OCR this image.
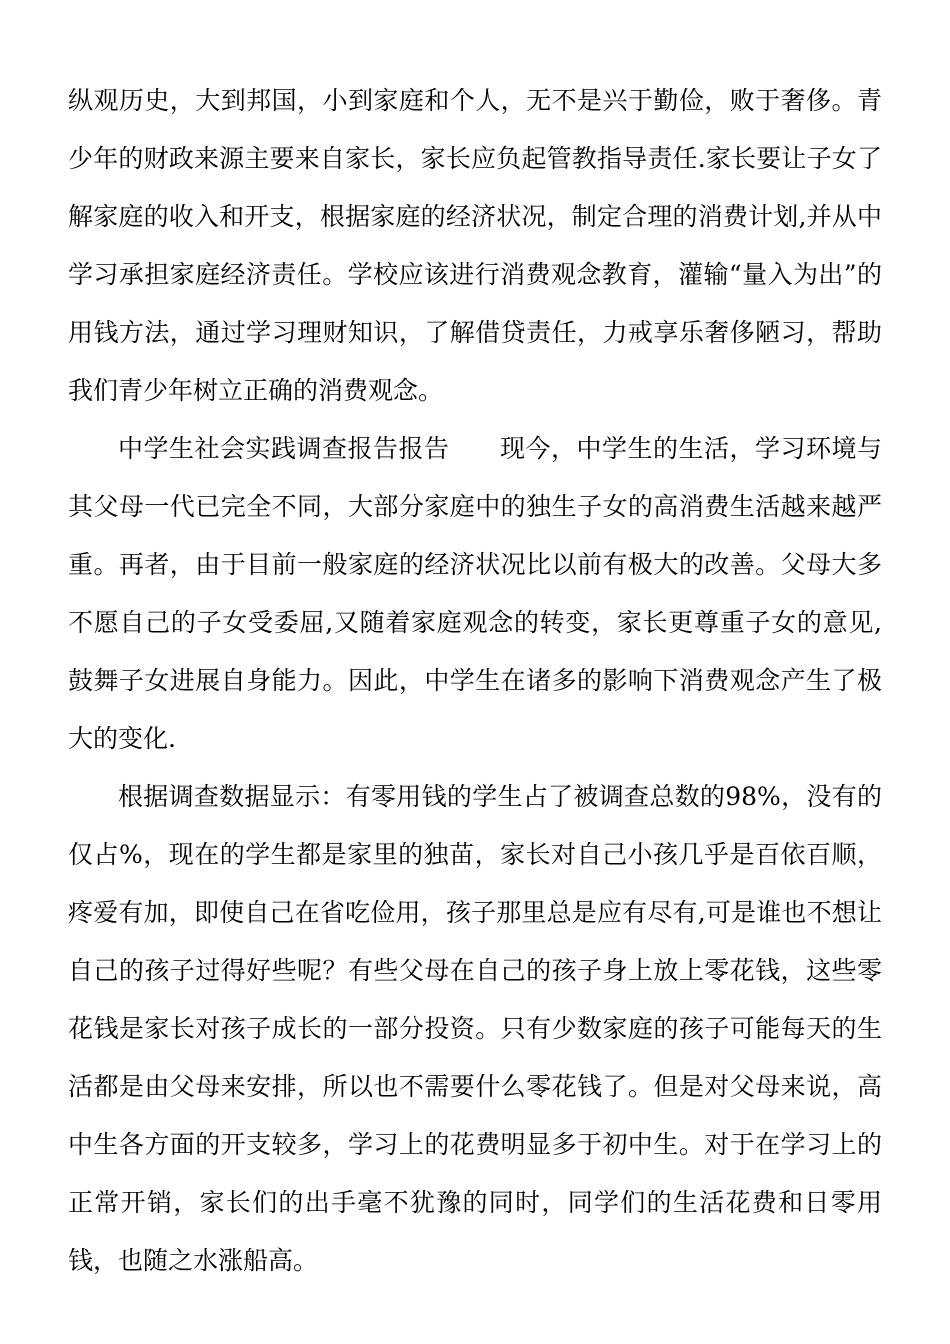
纵观历史，大到邦国，小到家庭和个人，无不是兴于勤俭，败于奢侈。青少年的财政来源主要来自家长，家长应负起管教指导责任.家长要让子女了解家庭的收入和开支，根据家庭的经济状况，制定合理的消费计划,并从中学习承担家庭经济责任。学校应该进行消费观念教育，灌输“量入为出”的用钱方法，通过学习理财知识，了解借贷责任，力戒享乐奢侈陋习，帮助我们青少年树立正确的消费观念。

中学生社会实践调查报告报告 现今，中学生的生活，学习环境与其父母一代已完全不同，大部分家庭中的独生子女的高消费生活越来越严重。再者，由于目前一般家庭的经济状况比以前有极大的改善。父母大多不愿自己的子女受委屈,又随着家庭观念的转变，家长更尊重子女的意见,鼓舞子女进展自身能力。因此，中学生在诸多的影响下消费观念产生了极大的变化.

根据调查数据显示：有零用钱的学生占了被调查总数的98%，没有的仅占%，现在的学生都是家里的独苗，家长对自己小孩几乎是百依百顺，疼爱有加，即使自己在省吃俭用，孩子那里总是应有尽有,可是谁也不想让自己的孩子过得好些呢？有些父母在自己的孩子身上放上零花钱，这些零花钱是家长对孩子成长的一部分投资。只有少数家庭的孩子可能每天的生活都是由父母来安排，所以也不需要什么零花钱了。但是对父母来说，高中生各方面的开支较多，学习上的花费明显多于初中生。对于在学习上的正常开销，家长们的出手毫不犹豫的同时，同学们的生活花费和日零用钱，也随之水涨船高。
